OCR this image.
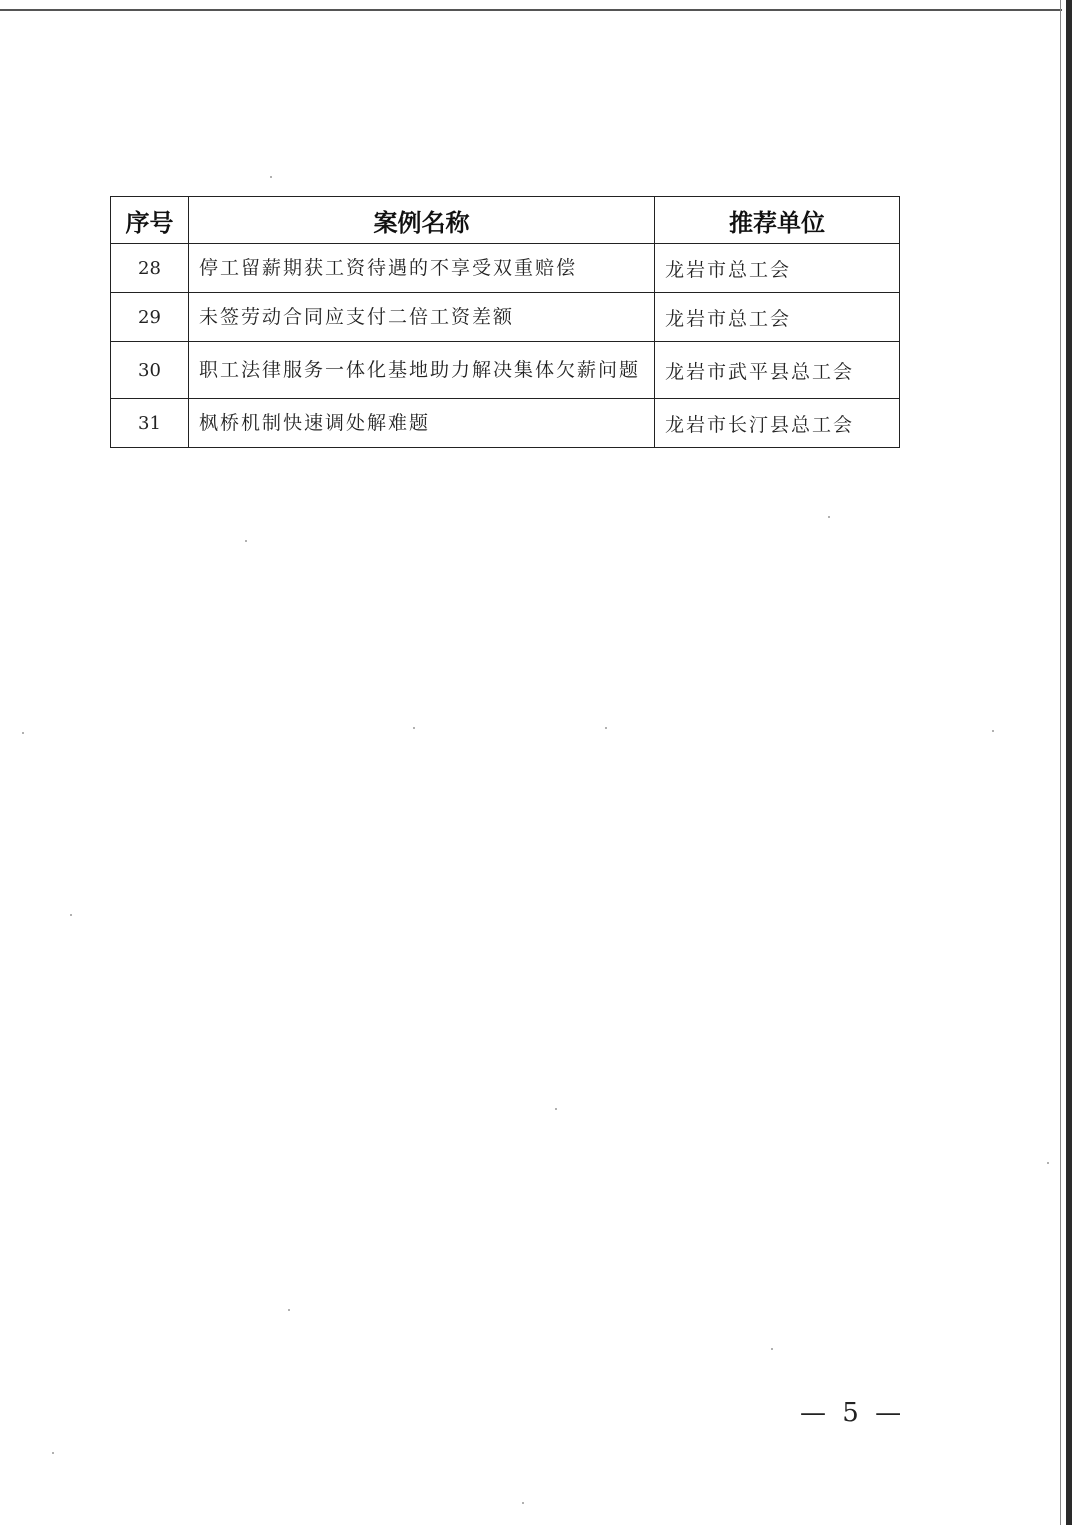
序号	案例名称	推荐单位
28	停工留薪期获工资待遇的不享受双重赔偿	龙岩市总工会
29	未签劳动合同应支付二倍工资差额	龙岩市总工会
30	职工法律服务一体化基地助力解决集体欠薪问题	龙岩市武平县总工会
31	枫桥机制快速调处解难题	龙岩市长汀县总工会
— 5 —
